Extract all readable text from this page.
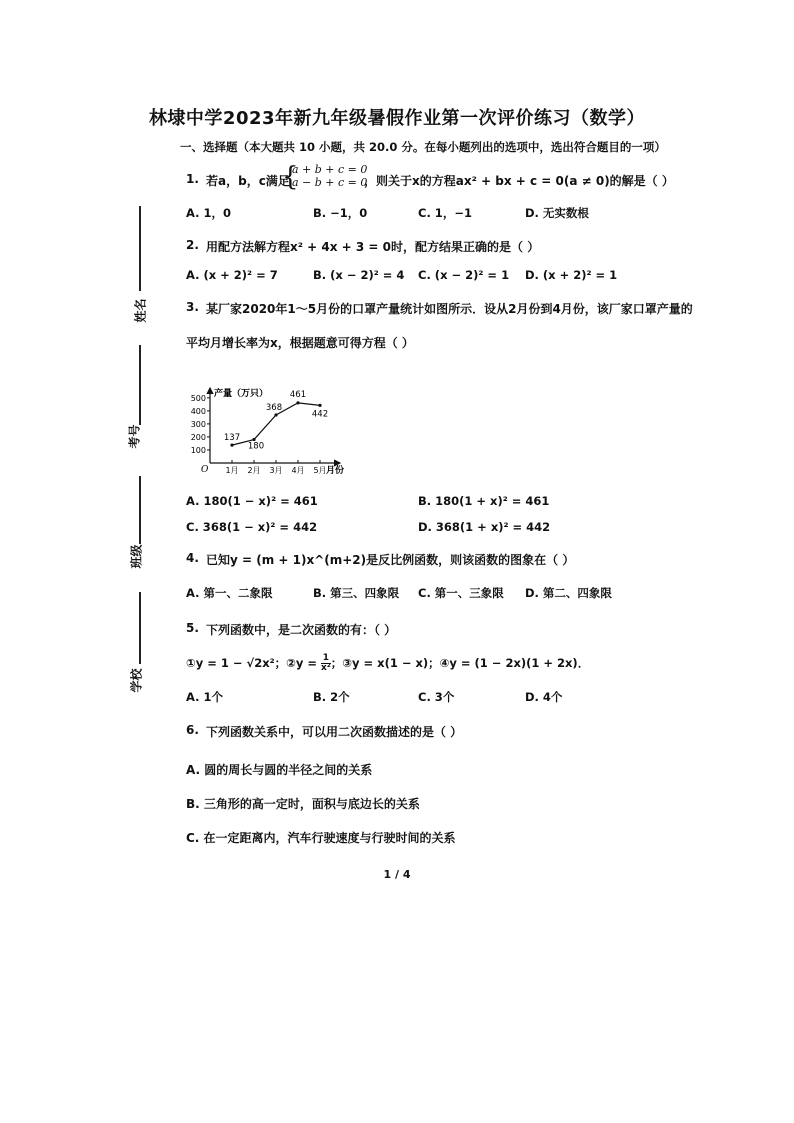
林埭中学2023年新九年级暑假作业第一次评价练习（数学）
一、选择题（本大题共 10 小题，共 20.0 分。在每小题列出的选项中，选出符合题目的一项）
姓名
考号
班级
学校
1. 若a，b，c满足
{
a + b + c = 0
a − b + c = 0
，则关于x的方程ax² + bx + c = 0(a ≠ 0)的解是（ ）
A. 1，0	B. −1，0	C. 1，−1	D. 无实数根
2. 用配方法解方程x² + 4x + 3 = 0时，配方结果正确的是（ ）
A. (x + 2)² = 7	B. (x − 2)² = 4 C. (x − 2)² = 1 D. (x + 2)² = 1
3. 某厂家2020年1～5月份的口罩产量统计如图所示．设从2月份到4月份，该厂家口罩产量的
平均月增长率为x，根据题意可得方程（ ）
产量（万只）
月份
O
100
200
300
400
500
1月 2月 3月 4月 5月
137
180
368
461
442
A. 180(1 − x)² = 461	B. 180(1 + x)² = 461
C. 368(1 − x)² = 442	D. 368(1 + x)² = 442
4. 已知y = (m + 1)x^(m+2)是反比例函数，则该函数的图象在（ ）
A. 第一、二象限	B. 第三、四象限 C. 第一、三象限 D. 第二、四象限
5. 下列函数中，是二次函数的有：（ ）
①y = 1 − √2x²；②y = $\frac{1}{\text{x²}}$ ；③y = x(1 − x)；④y = (1 − 2x)(1 + 2x)．
A. 1个	B. 2个	C. 3个	D. 4个
6. 下列函数关系中，可以用二次函数描述的是（ ）
A. 圆的周长与圆的半径之间的关系
B. 三角形的高一定时，面积与底边长的关系
C. 在一定距离内，汽车行驶速度与行驶时间的关系
1 / 4
